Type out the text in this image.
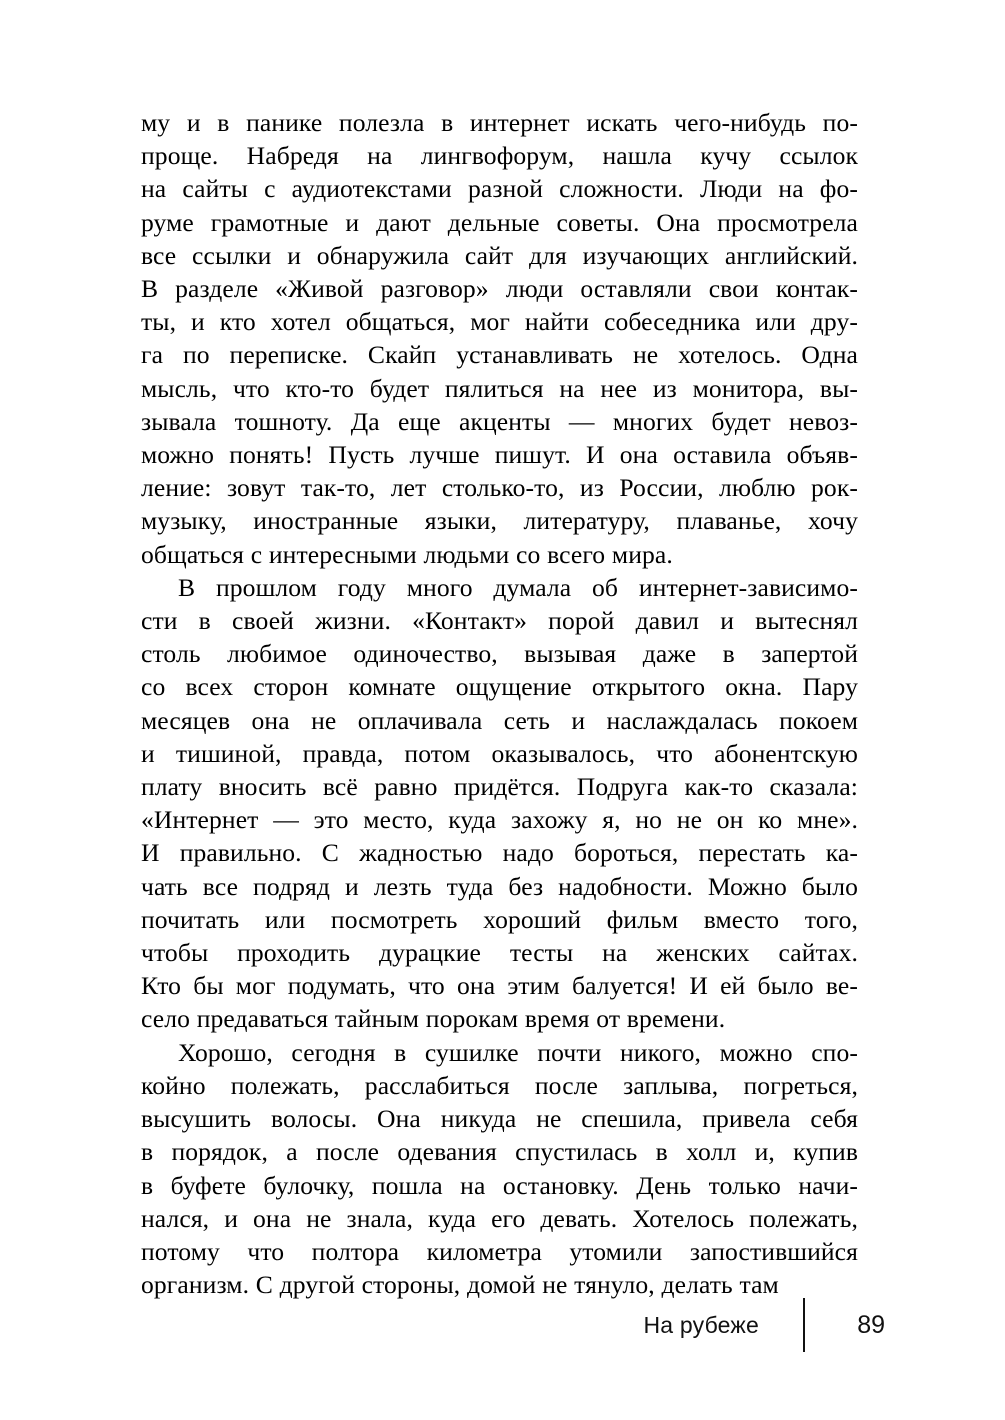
му и в панике полезла в интернет искать чего-нибудь по-
проще. Набредя на лингвофорум, нашла кучу ссылок
на сайты с аудиотекстами разной сложности. Люди на фо-
руме грамотные и дают дельные советы. Она просмотрела
все ссылки и обнаружила сайт для изучающих английский.
В разделе «Живой разговор» люди оставляли свои контак-
ты, и кто хотел общаться, мог найти собеседника или дру-
га по переписке. Скайп устанавливать не хотелось. Одна
мысль, что кто-то будет пялиться на нее из монитора, вы-
зывала тошноту. Да еще акценты — многих будет невоз-
можно понять! Пусть лучше пишут. И она оставила объяв-
ление: зовут так-то, лет столько-то, из России, люблю рок-
музыку, иностранные языки, литературу, плаванье, хочу
общаться с интересными людьми со всего мира.

В прошлом году много думала об интернет-зависимо-
сти в своей жизни. «Контакт» порой давил и вытеснял
столь любимое одиночество, вызывая даже в запертой
со всех сторон комнате ощущение открытого окна. Пару
месяцев она не оплачивала сеть и наслаждалась покоем
и тишиной, правда, потом оказывалось, что абонентскую
плату вносить всё равно придётся. Подруга как-то сказала:
«Интернет — это место, куда захожу я, но не он ко мне».
И правильно. С жадностью надо бороться, перестать ка-
чать все подряд и лезть туда без надобности. Можно было
почитать или посмотреть хороший фильм вместо того,
чтобы проходить дурацкие тесты на женских сайтах.
Кто бы мог подумать, что она этим балуется! И ей было ве-
село предаваться тайным порокам время от времени.

Хорошо, сегодня в сушилке почти никого, можно спо-
койно полежать, расслабиться после заплыва, погреться,
высушить волосы. Она никуда не спешила, привела себя
в порядок, а после одевания спустилась в холл и, купив
в буфете булочку, пошла на остановку. День только начи-
нался, и она не знала, куда его девать. Хотелось полежать,
потому что полтора километра утомили запостившийся
организм. С другой стороны, домой не тянуло, делать там

На рубеже	89
